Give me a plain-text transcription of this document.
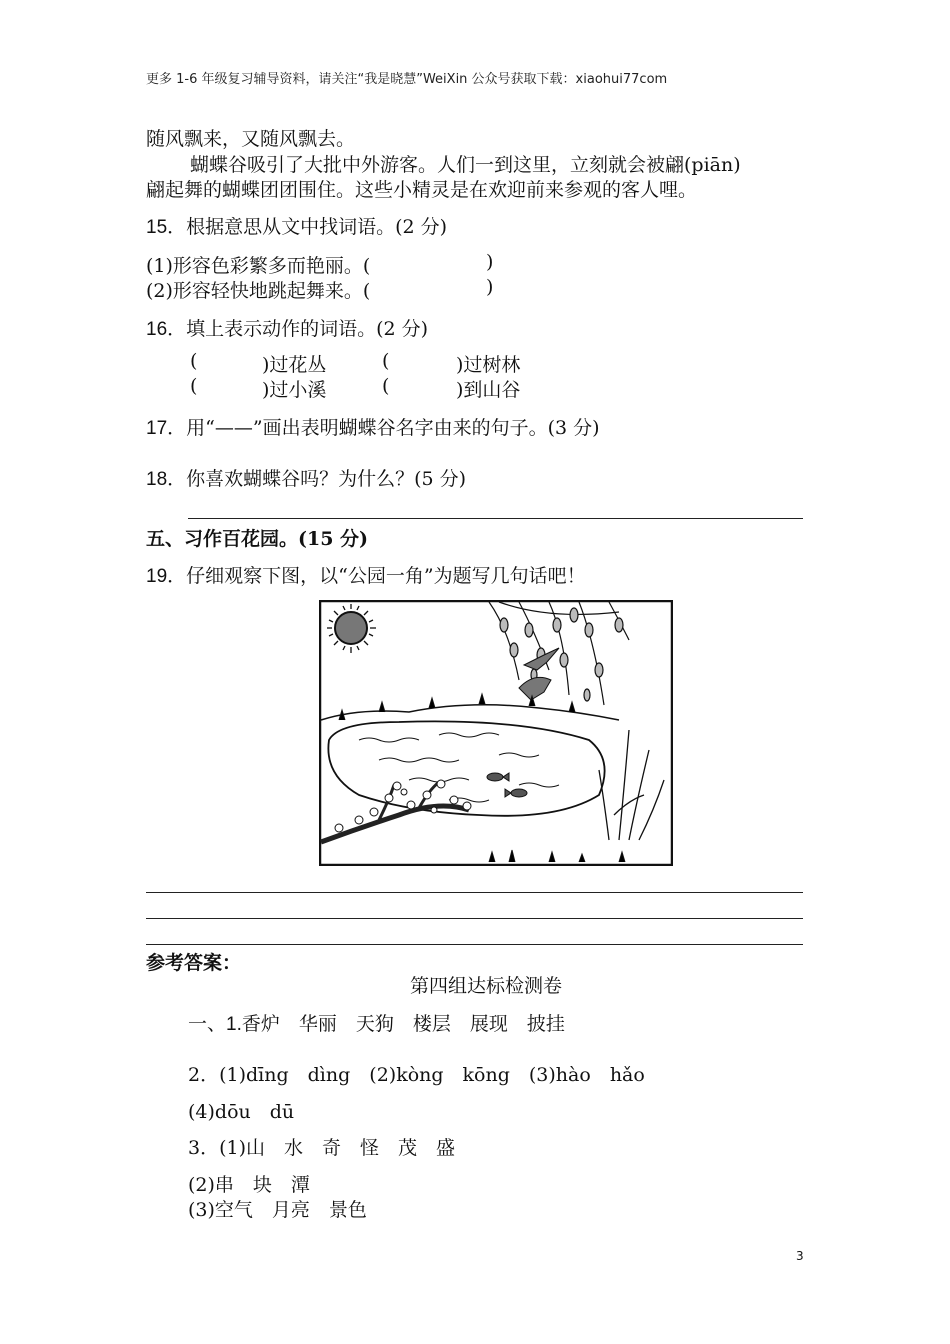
更多 1-6 年级复习辅导资料，请关注“我是晓慧”WeiXin 公众号获取下载：xiaohui77com
随风飘来，又随风飘去。
蝴蝶谷吸引了大批中外游客。人们一到这里，立刻就会被翩(piān)
翩起舞的蝴蝶团团围住。这些小精灵是在欢迎前来参观的客人哩。
15．根据意思从文中找词语。(2 分)
(1)形容色彩繁多而艳丽。(	)
(2)形容轻快地跳起舞来。(	)
16．填上表示动作的词语。(2 分)
(	)过花丛	(	)过树林
(	)过小溪	(	)到山谷
17．用“——”画出表明蝴蝶谷名字由来的句子。(3 分)
18．你喜欢蝴蝶谷吗？为什么？(5 分)
五、习作百花园。(15 分)
19．仔细观察下图，以“公园一角”为题写几句话吧！
参考答案：
第四组达标检测卷
一、1.香炉　华丽　天狗　楼层　展现　披挂
2．(1)dīng　dìng　(2)kòng　kōng　(3)hào　hǎo
(4)dōu　dū
3．(1)山　水　奇　怪　茂　盛
(2)串　块　潭
(3)空气　月亮　景色
3
